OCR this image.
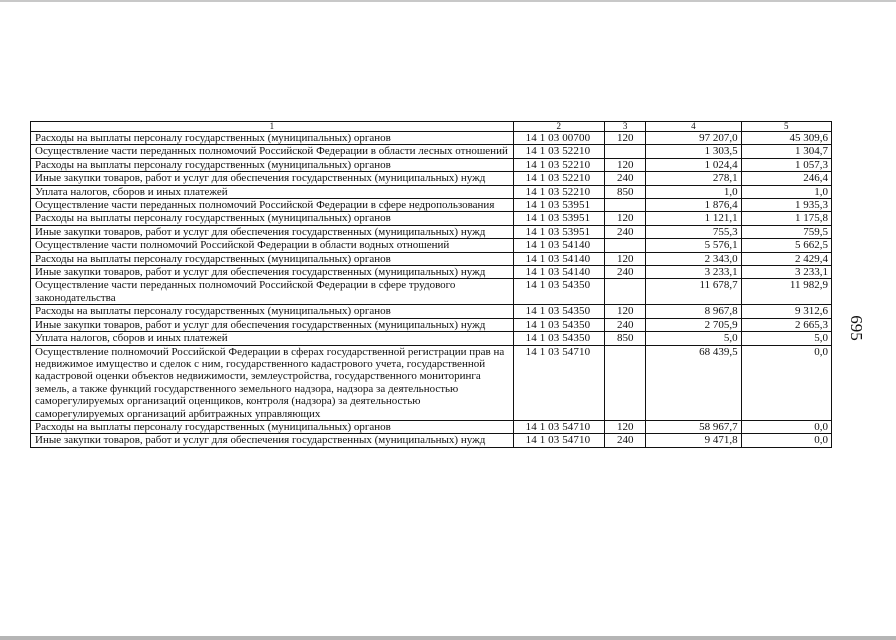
1	2	3	4	5
Расходы на выплаты персоналу государственных (муниципальных) органов	14 1 03 00700	120	97 207,0	45 309,6
Осуществление части переданных полномочий Российской Федерации в области лесных отношений	14 1 03 52210		1 303,5	1 304,7
Расходы на выплаты персоналу государственных (муниципальных) органов	14 1 03 52210	120	1 024,4	1 057,3
Иные закупки товаров, работ и услуг для обеспечения государственных (муниципальных) нужд	14 1 03 52210	240	278,1	246,4
Уплата налогов, сборов и иных платежей	14 1 03 52210	850	1,0	1,0
Осуществление части переданных полномочий Российской Федерации в сфере недропользования	14 1 03 53951		1 876,4	1 935,3
Расходы на выплаты персоналу государственных (муниципальных) органов	14 1 03 53951	120	1 121,1	1 175,8
Иные закупки товаров, работ и услуг для обеспечения государственных (муниципальных) нужд	14 1 03 53951	240	755,3	759,5
Осуществление части полномочий Российской Федерации в области водных отношений	14 1 03 54140		5 576,1	5 662,5
Расходы на выплаты персоналу государственных (муниципальных) органов	14 1 03 54140	120	2 343,0	2 429,4
Иные закупки товаров, работ и услуг для обеспечения государственных (муниципальных) нужд	14 1 03 54140	240	3 233,1	3 233,1
Осуществление части переданных полномочий Российской Федерации в сфере трудового законодательства	14 1 03 54350		11 678,7	11 982,9
Расходы на выплаты персоналу государственных (муниципальных) органов	14 1 03 54350	120	8 967,8	9 312,6
Иные закупки товаров, работ и услуг для обеспечения государственных (муниципальных) нужд	14 1 03 54350	240	2 705,9	2 665,3
Уплата налогов, сборов и иных платежей	14 1 03 54350	850	5,0	5,0
Осуществление полномочий Российской Федерации в сферах государственной регистрации прав на недвижимое имущество и сделок с ним, государственного кадастрового учета, государственной кадастровой оценки объектов недвижимости, землеустройства, государственного мониторинга земель, а также функций государственного земельного надзора, надзора за деятельностью саморегулируемых организаций оценщиков, контроля (надзора) за деятельностью саморегулируемых организаций арбитражных управляющих	14 1 03 54710		68 439,5	0,0
Расходы на выплаты персоналу государственных (муниципальных) органов	14 1 03 54710	120	58 967,7	0,0
Иные закупки товаров, работ и услуг для обеспечения государственных (муниципальных) нужд	14 1 03 54710	240	9 471,8	0,0
695
